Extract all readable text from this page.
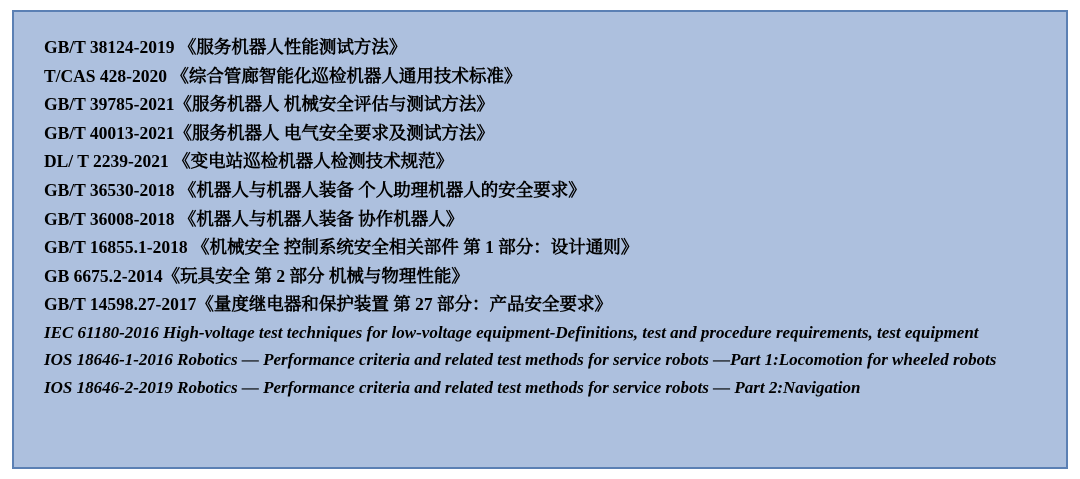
GB/T 38124-2019 《服务机器人性能测试方法》
T/CAS 428-2020 《综合管廊智能化巡检机器人通用技术标准》
GB/T 39785-2021《服务机器人 机械安全评估与测试方法》
GB/T 40013-2021《服务机器人 电气安全要求及测试方法》
DL/ T 2239-2021 《变电站巡检机器人检测技术规范》
GB/T 36530-2018 《机器人与机器人装备 个人助理机器人的安全要求》
GB/T 36008-2018 《机器人与机器人装备 协作机器人》
GB/T 16855.1-2018 《机械安全 控制系统安全相关部件 第 1 部分：设计通则》
GB 6675.2-2014《玩具安全 第 2 部分 机械与物理性能》
GB/T 14598.27-2017《量度继电器和保护装置 第 27 部分：产品安全要求》
IEC 61180-2016 High-voltage test techniques for low-voltage equipment-Definitions, test and procedure requirements, test equipment
IOS 18646-1-2016 Robotics — Performance criteria and related test methods for service robots —Part 1:Locomotion for wheeled robots
IOS 18646-2-2019 Robotics — Performance criteria and related test methods for service robots — Part 2:Navigation
